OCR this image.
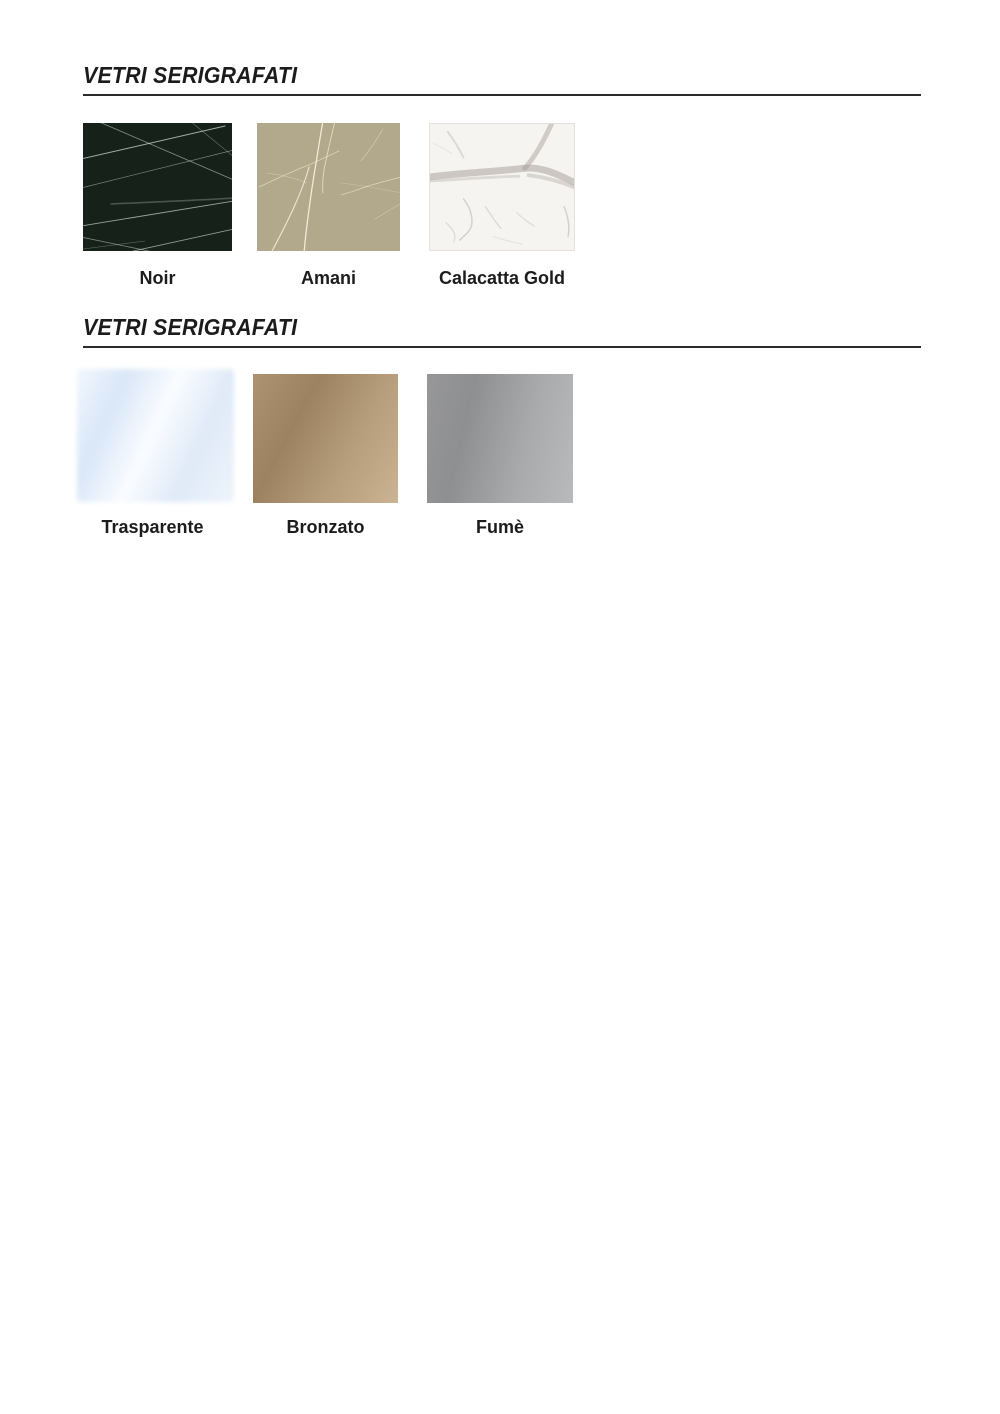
VETRI SERIGRAFATI
Noir	Amani	Calacatta Gold
VETRI SERIGRAFATI
Trasparente	Bronzato	Fumè
